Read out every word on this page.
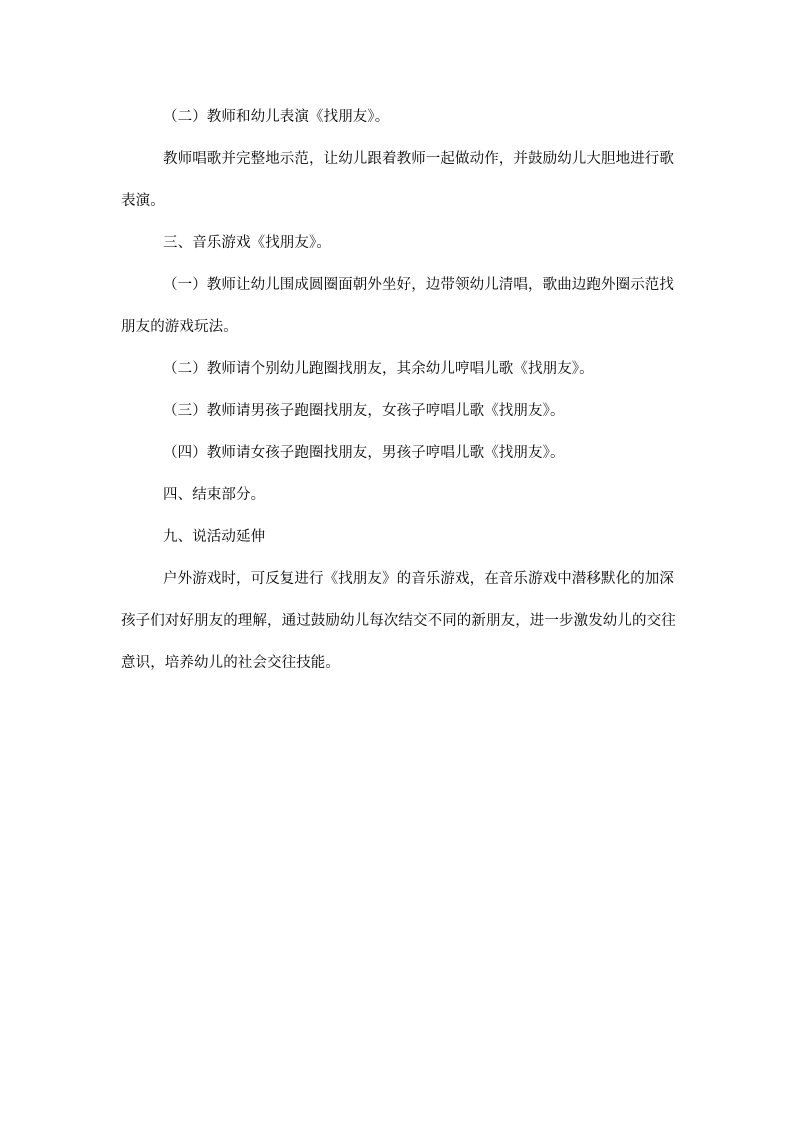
（二）教师和幼儿表演《找朋友》。
教师唱歌并完整地示范，让幼儿跟着教师一起做动作，并鼓励幼儿大胆地进行歌
表演。
三、音乐游戏《找朋友》。
（一）教师让幼儿围成圆圈面朝外坐好，边带领幼儿清唱，歌曲边跑外圈示范找
朋友的游戏玩法。
（二）教师请个别幼儿跑圈找朋友，其余幼儿哼唱儿歌《找朋友》。
（三）教师请男孩子跑圈找朋友，女孩子哼唱儿歌《找朋友》。
（四）教师请女孩子跑圈找朋友，男孩子哼唱儿歌《找朋友》。
四、结束部分。
九、说活动延伸
户外游戏时，可反复进行《找朋友》的音乐游戏，在音乐游戏中潜移默化的加深
孩子们对好朋友的理解，通过鼓励幼儿每次结交不同的新朋友，进一步激发幼儿的交往
意识，培养幼儿的社会交往技能。
